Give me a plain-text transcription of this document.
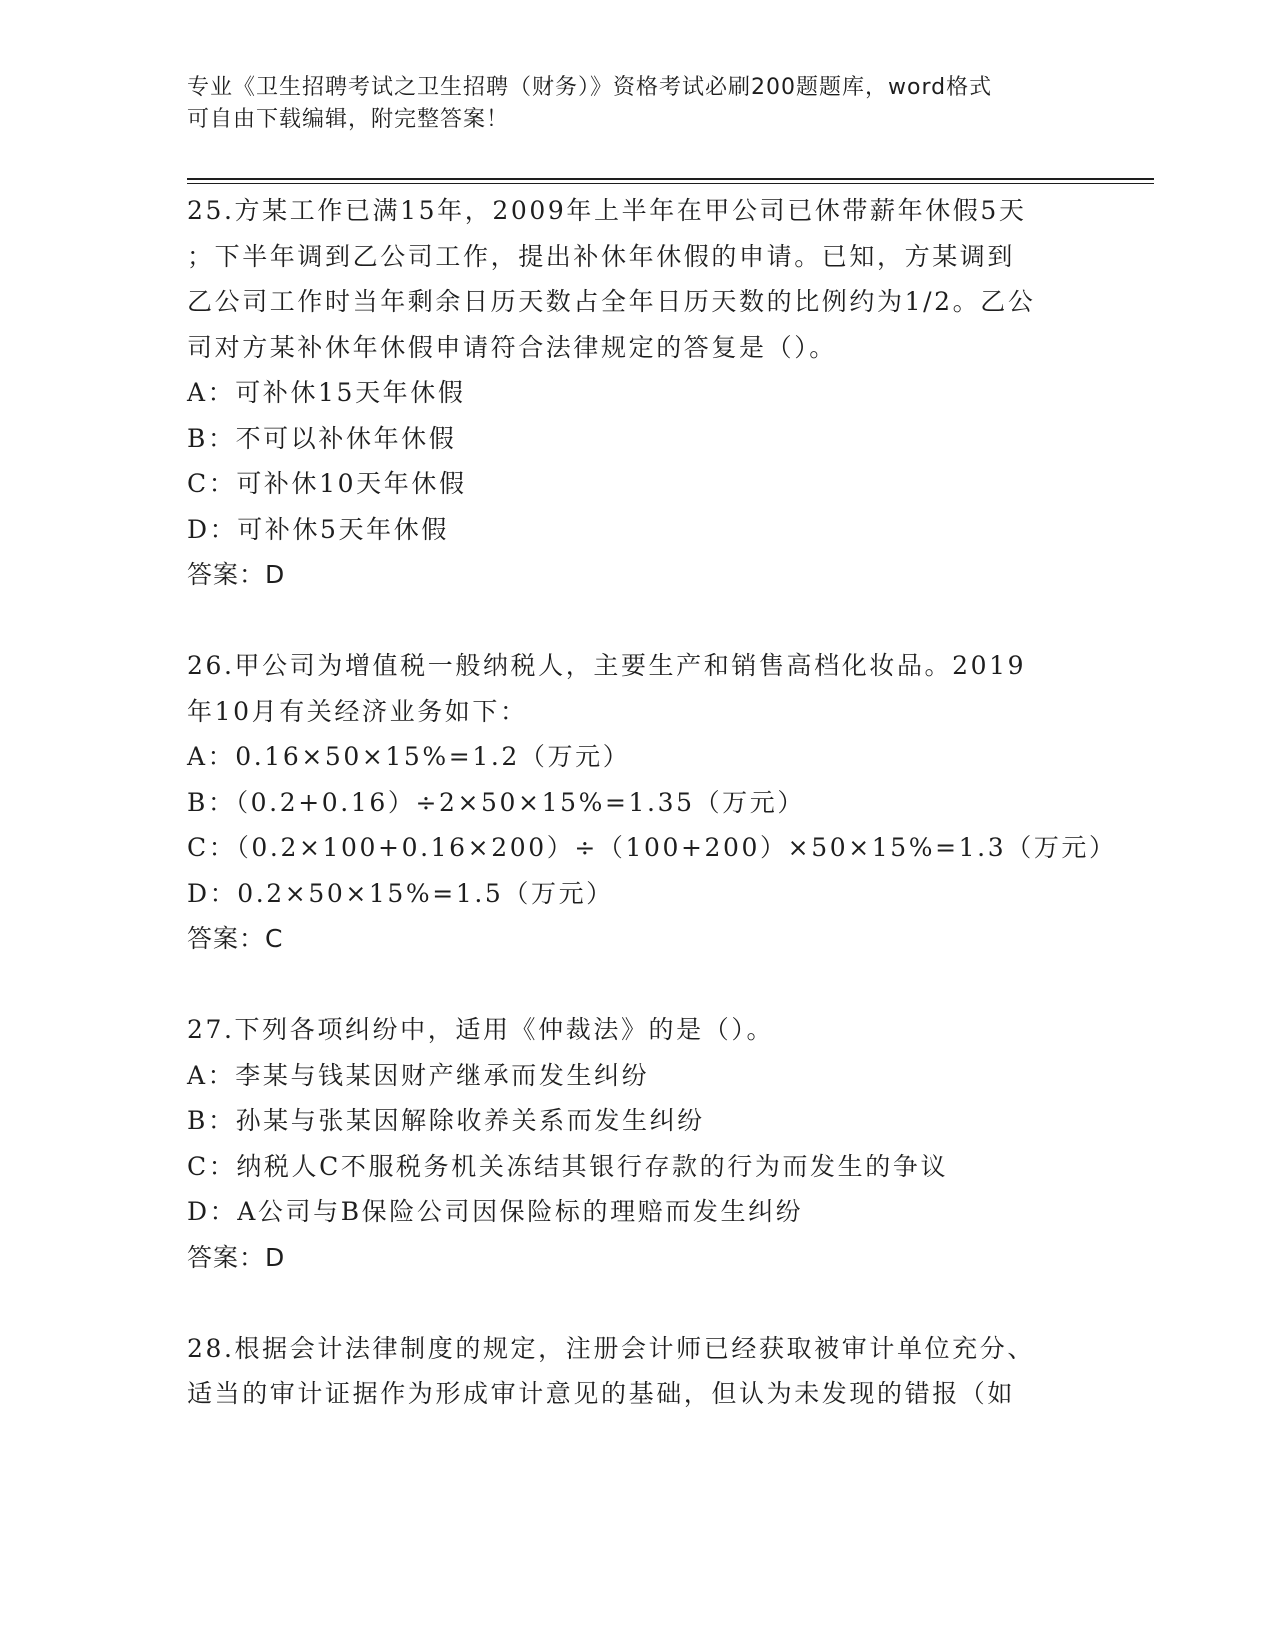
专业《卫生招聘考试之卫生招聘（财务）》资格考试必刷200题题库，word格式
可自由下载编辑，附完整答案！
25.方某工作已满15年，2009年上半年在甲公司已休带薪年休假5天
；下半年调到乙公司工作，提出补休年休假的申请。已知，方某调到
乙公司工作时当年剩余日历天数占全年日历天数的比例约为1/2。乙公
司对方某补休年休假申请符合法律规定的答复是（）。
A：可补休15天年休假
B：不可以补休年休假
C：可补休10天年休假
D：可补休5天年休假
答案：D
26.甲公司为增值税一般纳税人，主要生产和销售高档化妆品。2019
年10月有关经济业务如下：
A：0.16×50×15%=1.2（万元）
B：（0.2+0.16）÷2×50×15%=1.35（万元）
C：（0.2×100+0.16×200）÷（100+200）×50×15%=1.3（万元）
D：0.2×50×15%=1.5（万元）
答案：C
27.下列各项纠纷中，适用《仲裁法》的是（）。
A：李某与钱某因财产继承而发生纠纷
B：孙某与张某因解除收养关系而发生纠纷
C：纳税人C不服税务机关冻结其银行存款的行为而发生的争议
D：A公司与B保险公司因保险标的理赔而发生纠纷
答案：D
28.根据会计法律制度的规定，注册会计师已经获取被审计单位充分、
适当的审计证据作为形成审计意见的基础，但认为未发现的错报（如
